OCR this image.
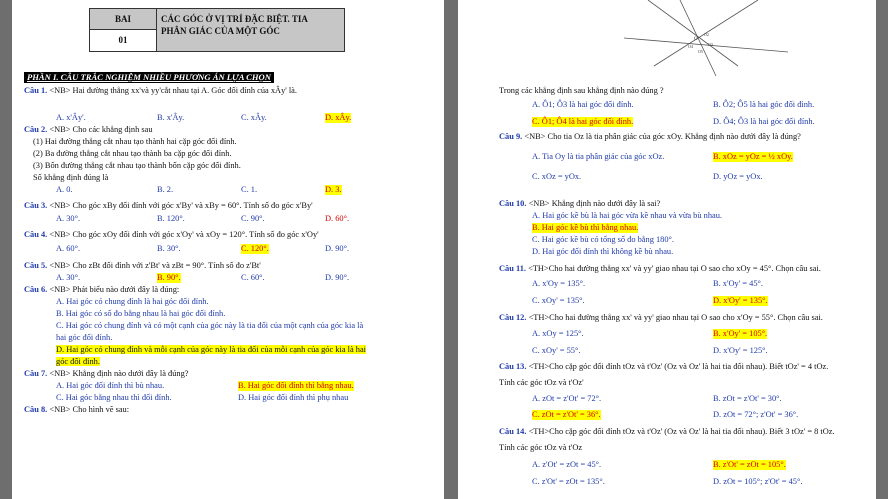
BAI
01
CÁC GÓC Ở VỊ TRÍ ĐẶC BIỆT. TIA
PHÂN GIÁC CỦA MỘT GÓC
PHẦN I. CÂU TRẮC NGHIỆM NHIỀU PHƯƠNG ÁN LỰA CHỌN
Câu 1. <NB> Hai đường thẳng xx'và yy'cắt nhau tại A. Góc đối đỉnh của xÂy' là.
A. x'Ây'.	B. x'Ây.	C. xÂy.	D. xÂy.
Câu 2. <NB> Cho các khẳng định sau
(1) Hai đường thẳng cắt nhau tạo thành hai cặp góc đối đỉnh.
(2) Ba đường thẳng cắt nhau tạo thành ba cặp góc đối đỉnh.
(3) Bốn đường thẳng cắt nhau tạo thành bốn cặp góc đối đỉnh.
Số khẳng định đúng là
A. 0.	B. 2.	C. 1.	D. 3.
Câu 3. <NB> Cho góc xBy đối đỉnh với góc x'By' và xBy = 60°. Tính số đo góc x'By'
A. 30°.	B. 120°.	C. 90°.	D. 60°.
Câu 4. <NB> Cho góc xOy đối đỉnh với góc x'Oy' và xOy = 120°. Tính số đo góc x'Oy'
A. 60°.	B. 30°.	C. 120°.	D. 90°.
Câu 5. <NB> Cho zBt đối đỉnh với z'Bt' và zBt = 90°. Tính số đo z'Bt'
A. 30°.	B. 90°.	C. 60°.	D. 90°.
Câu 6. <NB> Phát biểu nào dưới đây là đúng:
A. Hai góc có chung đỉnh là hai góc đối đỉnh.
B. Hai góc có số đo bằng nhau là hai góc đối đỉnh.
C. Hai góc có chung đỉnh và có một cạnh của góc này là tia đối của một cạnh của góc kia là
hai góc đối đỉnh.
D. Hai góc có chung đỉnh và mỗi cạnh của góc này là tia đối của mỗi cạnh của góc kia là hai
góc đối đỉnh.
Câu 7. <NB> Khẳng định nào dưới đây là đúng?
A. Hai góc đối đỉnh thì bù nhau.	B. Hai góc đối đỉnh thì bằng nhau.
C. Hai góc bằng nhau thì đối đỉnh.	D. Hai góc đối đỉnh thì phụ nhau
Câu 8. <NB> Cho hình vẽ sau:
O
O2
O3
O4
O5
Trong các khẳng định sau khẳng định nào đúng ?
A. Ô1; Ô3 là hai góc đối đỉnh.	B. Ô2; Ô5 là hai góc đối đỉnh.
C. Ô1; Ô4 là hai góc đối đỉnh.	D. Ô4; Ô3 là hai góc đối đỉnh.
Câu 9. <NB> Cho tia Oz là tia phân giác của góc xOy. Khẳng định nào dưới đây là đúng?
A. Tia Oy là tia phân giác của góc xOz.	B. xOz = yOz = ½ xOy.
C. xOz = yOx.	D. yOz = yOx.
Câu 10. <NB> Khẳng định nào dưới đây là sai?
A. Hai góc kề bù là hai góc vừa kề nhau và vừa bù nhau.
B. Hai góc kề bù thì bằng nhau.
C. Hai góc kề bù có tổng số đo bằng 180°.
D. Hai góc đối đỉnh thì không kề bù nhau.
Câu 11. <TH>Cho hai đường thẳng xx' và yy' giao nhau tại O sao cho xOy = 45°. Chọn câu sai.
A. x'Oy = 135°.	B. x'Oy' = 45°.
C. xOy' = 135°.	D. x'Oy' = 135°.
Câu 12. <TH>Cho hai đường thẳng xx' và yy' giao nhau tại O sao cho x'Oy = 55°. Chọn câu sai.
A. xOy = 125°.	B. x'Oy' = 105°.
C. xOy' = 55°.	D. x'Oy' = 125°.
Câu 13. <TH>Cho cặp góc đối đỉnh tOz và t'Oz' (Oz và Oz' là hai tia đối nhau). Biết tOz' = 4 tOz.
Tính các góc tOz và t'Oz'
A. zOt = z'Ot' = 72°.	B. zOt = z'Ot' = 30°.
C. zOt = z'Ot' = 36°.	D. zOt = 72°; z'Ot' = 36°.
Câu 14. <TH>Cho cặp góc đối đỉnh tOz và t'Oz' (Oz và Oz' là hai tia đối nhau). Biết 3 tOz' = 8 tOz.
Tính các góc tOz và t'Oz
A. z'Ot' = zOt = 45°.	B. z'Ot' = zOt = 105°.
C. z'Ot' = zOt = 135°.	D. zOt = 105°; z'Ot' = 45°.
